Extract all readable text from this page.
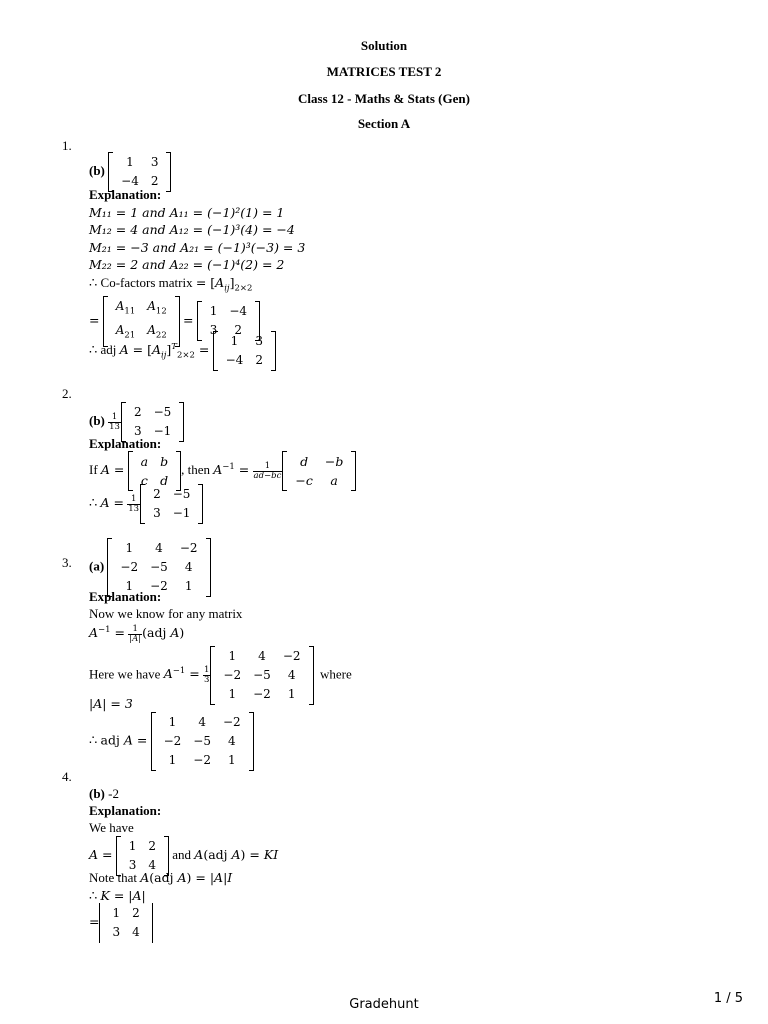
Solution
MATRICES TEST 2
Class 12 - Maths & Stats (Gen)
Section A
1.
(b)
1	3
−4	2
Explanation:
M₁₁ = 1 and A₁₁ = (−1)²(1) = 1
M₁₂ = 4 and A₁₂ = (−1)³(4) = −4
M₂₁ = −3 and A₂₁ = (−1)³(−3) = 3
M₂₂ = 2 and A₂₂ = (−1)⁴(2) = 2
∴ Co-factors matrix = $[A_{ij}]_{2\times 2}$
=
$A_{11}$	$A_{12}$
$A_{21}$	$A_{22}$
=
1	−4
3	2
∴ adj $A = [A_{ij}]^T_{2\times 2}$ =
1	3
−4	2
2.
$(b) \frac{1}{13}$
2	−5
3	−1
Explanation:
If A =
a b
c d
, then $A^{-1} = \frac{1}{ad-bc}$	d	−b
−c	a
∴ $A = \frac{1}{13}$
2	−5
3	−1
3. (a)
1	4	−2
−2	−5	4
1	−2	1
Explanation:
Now we know for any matrix
$A^{-1} = \frac{1}{|A|} (adj$ A)
Here we have $A^{-1} = \frac{1}{3}$
1	4	−2
−2	−5	4
1	−2	1
where
|A| = 3
∴ adj A =
1	4	−2
−2	−5	4
1	−2	1
4.
(b) -2
Explanation:
We have
A =
1	2
3	4
and A(adj A) = KI
Note that A(adj A) = |A|I
∴ K = |A|
=
1	2
3	4
Gradehunt	1 / 5
